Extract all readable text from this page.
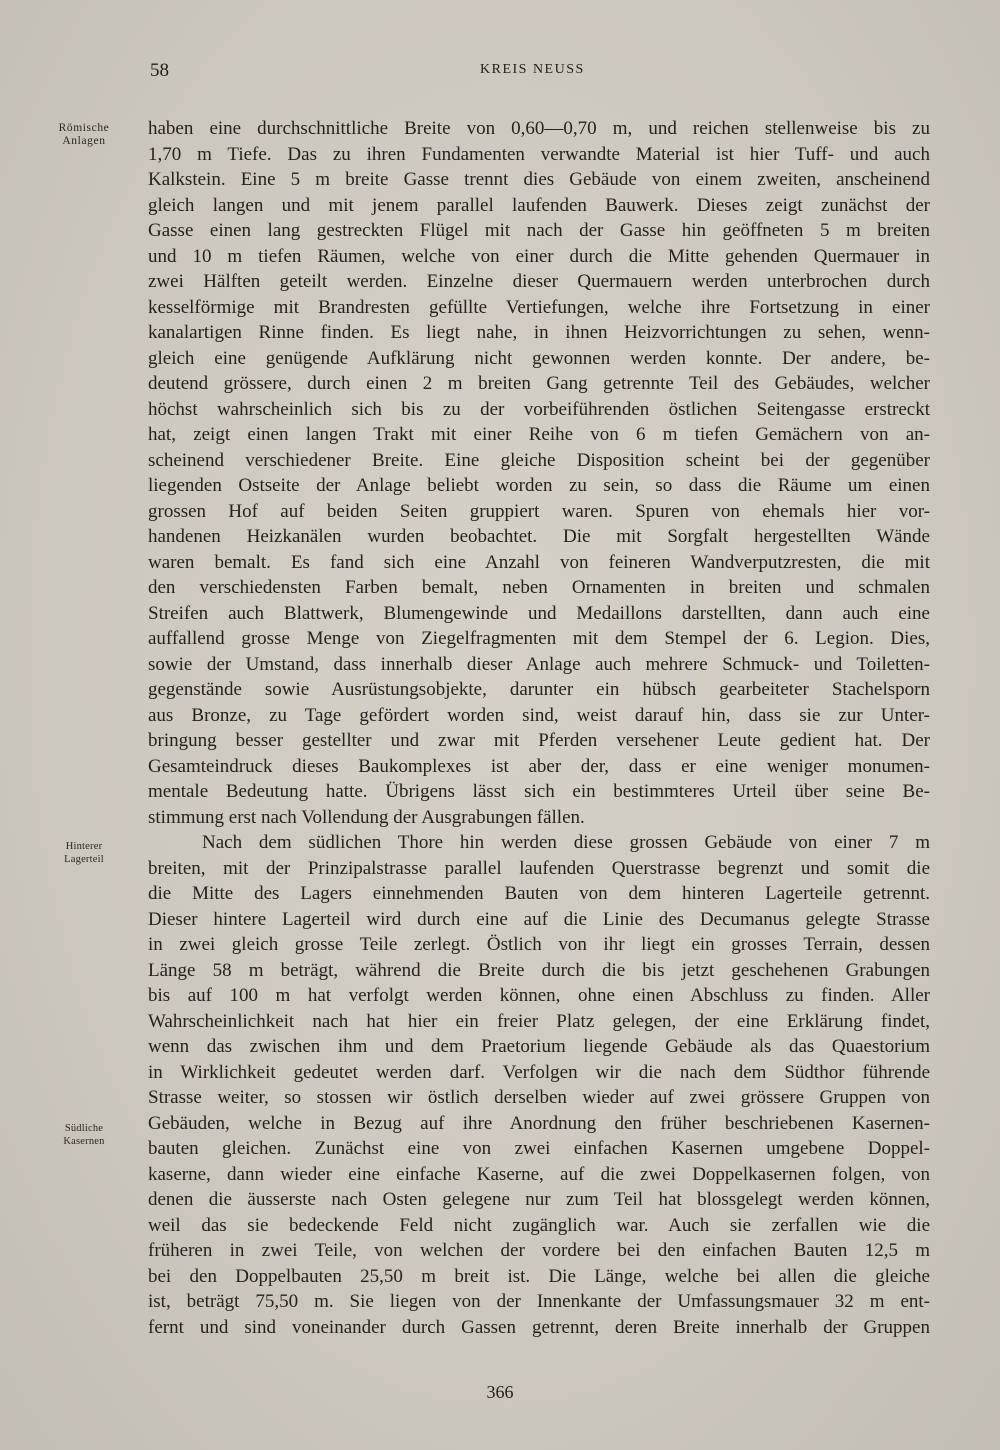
58	KREIS NEUSS
Römische
Anlagen
Hinterer
Lagerteil
Südliche
Kasernen
haben eine durchschnittliche Breite von 0,60—0,70 m, und reichen stellenweise bis zu
1,70 m Tiefe. Das zu ihren Fundamenten verwandte Material ist hier Tuff- und auch
Kalkstein. Eine 5 m breite Gasse trennt dies Gebäude von einem zweiten, anscheinend
gleich langen und mit jenem parallel laufenden Bauwerk. Dieses zeigt zunächst der
Gasse einen lang gestreckten Flügel mit nach der Gasse hin geöffneten 5 m breiten
und 10 m tiefen Räumen, welche von einer durch die Mitte gehenden Quermauer in
zwei Hälften geteilt werden. Einzelne dieser Quermauern werden unterbrochen durch
kesselförmige mit Brandresten gefüllte Vertiefungen, welche ihre Fortsetzung in einer
kanalartigen Rinne finden. Es liegt nahe, in ihnen Heizvorrichtungen zu sehen, wenn-
gleich eine genügende Aufklärung nicht gewonnen werden konnte. Der andere, be-
deutend grössere, durch einen 2 m breiten Gang getrennte Teil des Gebäudes, welcher
höchst wahrscheinlich sich bis zu der vorbeiführenden östlichen Seitengasse erstreckt
hat, zeigt einen langen Trakt mit einer Reihe von 6 m tiefen Gemächern von an-
scheinend verschiedener Breite. Eine gleiche Disposition scheint bei der gegenüber
liegenden Ostseite der Anlage beliebt worden zu sein, so dass die Räume um einen
grossen Hof auf beiden Seiten gruppiert waren. Spuren von ehemals hier vor-
handenen Heizkanälen wurden beobachtet. Die mit Sorgfalt hergestellten Wände
waren bemalt. Es fand sich eine Anzahl von feineren Wandverputzresten, die mit
den verschiedensten Farben bemalt, neben Ornamenten in breiten und schmalen
Streifen auch Blattwerk, Blumengewinde und Medaillons darstellten, dann auch eine
auffallend grosse Menge von Ziegelfragmenten mit dem Stempel der 6. Legion. Dies,
sowie der Umstand, dass innerhalb dieser Anlage auch mehrere Schmuck- und Toiletten-
gegenstände sowie Ausrüstungsobjekte, darunter ein hübsch gearbeiteter Stachelsporn
aus Bronze, zu Tage gefördert worden sind, weist darauf hin, dass sie zur Unter-
bringung besser gestellter und zwar mit Pferden versehener Leute gedient hat. Der
Gesamteindruck dieses Baukomplexes ist aber der, dass er eine weniger monumen-
mentale Bedeutung hatte. Übrigens lässt sich ein bestimmteres Urteil über seine Be-
stimmung erst nach Vollendung der Ausgrabungen fällen.
Nach dem südlichen Thore hin werden diese grossen Gebäude von einer 7 m
breiten, mit der Prinzipalstrasse parallel laufenden Querstrasse begrenzt und somit die
die Mitte des Lagers einnehmenden Bauten von dem hinteren Lagerteile getrennt.
Dieser hintere Lagerteil wird durch eine auf die Linie des Decumanus gelegte Strasse
in zwei gleich grosse Teile zerlegt. Östlich von ihr liegt ein grosses Terrain, dessen
Länge 58 m beträgt, während die Breite durch die bis jetzt geschehenen Grabungen
bis auf 100 m hat verfolgt werden können, ohne einen Abschluss zu finden. Aller
Wahrscheinlichkeit nach hat hier ein freier Platz gelegen, der eine Erklärung findet,
wenn das zwischen ihm und dem Praetorium liegende Gebäude als das Quaestorium
in Wirklichkeit gedeutet werden darf. Verfolgen wir die nach dem Südthor führende
Strasse weiter, so stossen wir östlich derselben wieder auf zwei grössere Gruppen von
Gebäuden, welche in Bezug auf ihre Anordnung den früher beschriebenen Kasernen-
bauten gleichen. Zunächst eine von zwei einfachen Kasernen umgebene Doppel-
kaserne, dann wieder eine einfache Kaserne, auf die zwei Doppelkasernen folgen, von
denen die äusserste nach Osten gelegene nur zum Teil hat blossgelegt werden können,
weil das sie bedeckende Feld nicht zugänglich war. Auch sie zerfallen wie die
früheren in zwei Teile, von welchen der vordere bei den einfachen Bauten 12,5 m
bei den Doppelbauten 25,50 m breit ist. Die Länge, welche bei allen die gleiche
ist, beträgt 75,50 m. Sie liegen von der Innenkante der Umfassungsmauer 32 m ent-
fernt und sind voneinander durch Gassen getrennt, deren Breite innerhalb der Gruppen
366
